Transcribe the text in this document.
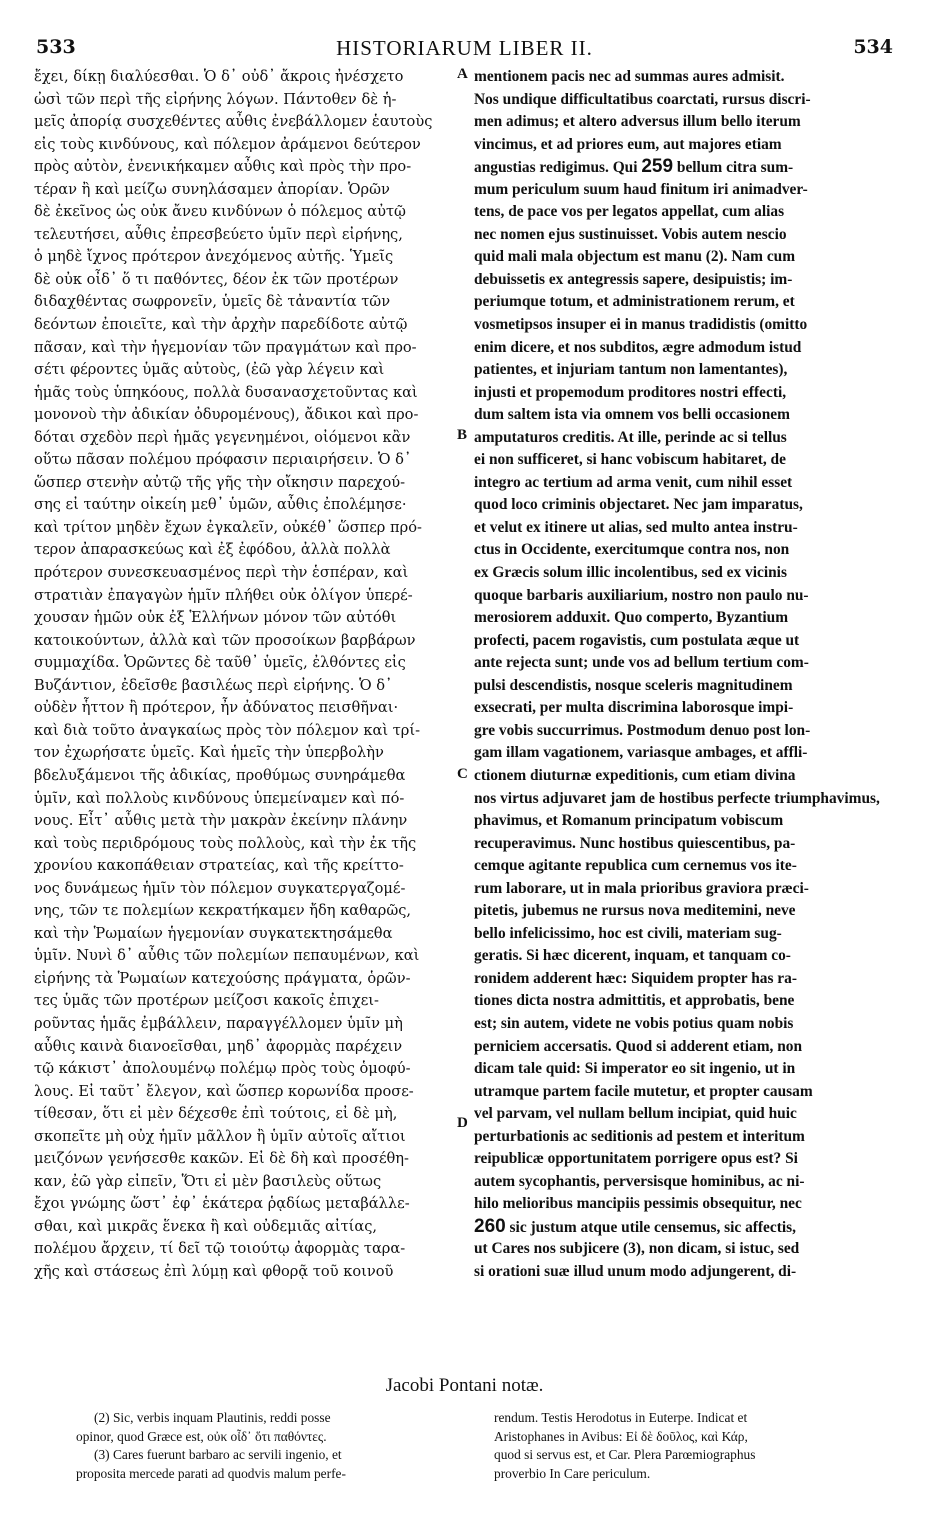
533	HISTORIARUM LIBER II.	534
ἔχει, δίκῃ διαλύεσθαι. Ὁ δ᾽ οὐδ᾽ ἄκροις ἠνέσχετο
ὠσὶ τῶν περὶ τῆς εἰρήνης λόγων. Πάντοθεν δὲ ἡ-
μεῖς ἀπορίᾳ συσχεθέντες αὖθις ἐνεβάλλομεν ἑαυτοὺς
εἰς τοὺς κινδύνους, καὶ πόλεμον ἀράμενοι δεύτερον
πρὸς αὐτὸν, ἐνενικήκαμεν αὖθις καὶ πρὸς τὴν προ-
τέραν ἢ καὶ μείζω συνηλάσαμεν ἀπορίαν. Ὁρῶν
δὲ ἐκεῖνος ὡς οὐκ ἄνευ κινδύνων ὁ πόλεμος αὐτῷ
τελευτήσει, αὖθις ἐπρεσβεύετο ὑμῖν περὶ εἰρήνης,
ὁ μηδὲ ἴχνος πρότερον ἀνεχόμενος αὐτῆς. Ὑμεῖς
δὲ οὐκ οἶδ᾽ ὅ τι παθόντες, δέον ἐκ τῶν προτέρων
διδαχθέντας σωφρονεῖν, ὑμεῖς δὲ τἀναντία τῶν
δεόντων ἐποιεῖτε, καὶ τὴν ἀρχὴν παρεδίδοτε αὐτῷ
πᾶσαν, καὶ τὴν ἡγεμονίαν τῶν πραγμάτων καὶ προ-
σέτι φέροντες ὑμᾶς αὐτοὺς, (ἐῶ γὰρ λέγειν καὶ
ἡμᾶς τοὺς ὑπηκόους, πολλὰ δυσανασχετοῦντας καὶ
μονονοὺ τὴν ἀδικίαν ὀδυρομένους), ἄδικοι καὶ προ-
δόται σχεδὸν περὶ ἡμᾶς γεγενημένοι, οἰόμενοι κἂν
οὕτω πᾶσαν πολέμου πρόφασιν περιαιρήσειν. Ὁ δ᾽
ὥσπερ στενὴν αὐτῷ τῆς γῆς τὴν οἴκησιν παρεχού-
σης εἰ ταύτην οἰκείη μεθ᾽ ὑμῶν, αὖθις ἐπολέμησε·
καὶ τρίτον μηδὲν ἔχων ἐγκαλεῖν, οὐκέθ᾽ ὥσπερ πρό-
τερον ἀπαρασκεύως καὶ ἐξ ἐφόδου, ἀλλὰ πολλὰ
πρότερον συνεσκευασμένος περὶ τὴν ἑσπέραν, καὶ
στρατιὰν ἐπαγαγὼν ἡμῖν πλήθει οὐκ ὀλίγον ὑπερέ-
χουσαν ἡμῶν οὐκ ἐξ Ἑλλήνων μόνον τῶν αὐτόθι
κατοικούντων, ἀλλὰ καὶ τῶν προσοίκων βαρβάρων
συμμαχίδα. Ὁρῶντες δὲ ταῦθ᾽ ὑμεῖς, ἐλθόντες εἰς
Βυζάντιον, ἐδεῖσθε βασιλέως περὶ εἰρήνης. Ὁ δ᾽
οὐδὲν ἧττον ἢ πρότερον, ἦν ἀδύνατος πεισθῆναι·
καὶ διὰ τοῦτο ἀναγκαίως πρὸς τὸν πόλεμον καὶ τρί-
τον ἐχωρήσατε ὑμεῖς. Καὶ ἡμεῖς τὴν ὑπερβολὴν
βδελυξάμενοι τῆς ἀδικίας, προθύμως συνηράμεθα
ὑμῖν, καὶ πολλοὺς κινδύνους ὑπεμείναμεν καὶ πό-
νους. Εἶτ᾽ αὖθις μετὰ τὴν μακρὰν ἐκείνην πλάνην
καὶ τοὺς περιδρόμους τοὺς πολλοὺς, καὶ τὴν ἐκ τῆς
χρονίου κακοπάθειαν στρατείας, καὶ τῆς κρείττο-
νος δυνάμεως ἡμῖν τὸν πόλεμον συγκατεργαζομέ-
νης, τῶν τε πολεμίων κεκρατήκαμεν ἤδη καθαρῶς,
καὶ τὴν Ῥωμαίων ἡγεμονίαν συγκατεκτησάμεθα
ὑμῖν. Νυνὶ δ᾽ αὖθις τῶν πολεμίων πεπαυμένων, καὶ
εἰρήνης τὰ Ῥωμαίων κατεχούσης πράγματα, ὁρῶν-
τες ὑμᾶς τῶν προτέρων μείζοσι κακοῖς ἐπιχει-
ροῦντας ἡμᾶς ἐμβάλλειν, παραγγέλλομεν ὑμῖν μὴ
αὖθις καινὰ διανοεῖσθαι, μηδ᾽ ἀφορμὰς παρέχειν
τῷ κάκιστ᾽ ἀπολουμένῳ πολέμῳ πρὸς τοὺς ὁμοφύ-
λους. Εἰ ταῦτ᾽ ἔλεγον, καὶ ὥσπερ κορωνίδα προσε-
τίθεσαν, ὅτι εἰ μὲν δέχεσθε ἐπὶ τούτοις, εἰ δὲ μὴ,
σκοπεῖτε μὴ οὐχ ἡμῖν μᾶλλον ἢ ὑμῖν αὐτοῖς αἴτιοι
μειζόνων γενήσεσθε κακῶν. Εἰ δὲ δὴ καὶ προσέθη-
καν, ἐῶ γὰρ εἰπεῖν, Ὅτι εἰ μὲν βασιλεὺς οὕτως
ἔχοι γνώμης ὥστ᾽ ἐφ᾽ ἑκάτερα ῥᾳδίως μεταβάλλε-
σθαι, καὶ μικρᾶς ἕνεκα ἢ καὶ οὐδεμιᾶς αἰτίας,
πολέμου ἄρχειν, τί δεῖ τῷ τοιούτῳ ἀφορμὰς ταρα-
χῆς καὶ στάσεως ἐπὶ λύμῃ καὶ φθορᾷ τοῦ κοινοῦ
mentionem pacis nec ad summas aures admisit.
Nos undique difficultatibus coarctati, rursus discri-
men adimus; et altero adversus illum bello iterum
vincimus, et ad priores eum, aut majores etiam
angustias redigimus. Qui 259 bellum citra sum-
mum periculum suum haud finitum iri animadver-
tens, de pace vos per legatos appellat, cum alias
nec nomen ejus sustinuisset. Vobis autem nescio
quid mali mala objectum est manu (2). Nam cum
debuissetis ex antegressis sapere, desipuistis; im-
periumque totum, et administrationem rerum, et
vosmetipsos insuper ei in manus tradidistis (omitto
enim dicere, et nos subditos, ægre admodum istud
patientes, et injuriam tantum non lamentantes),
injusti et propemodum proditores nostri effecti,
dum saltem ista via omnem vos belli occasionem
amputaturos creditis. At ille, perinde ac si tellus
ei non sufficeret, si hanc vobiscum habitaret, de
integro ac tertium ad arma venit, cum nihil esset
quod loco criminis objectaret. Nec jam imparatus,
et velut ex itinere ut alias, sed multo antea instru-
ctus in Occidente, exercitumque contra nos, non
ex Græcis solum illic incolentibus, sed ex vicinis
quoque barbaris auxiliarium, nostro non paulo nu-
merosiorem adduxit. Quo comperto, Byzantium
profecti, pacem rogavistis, cum postulata æque ut
ante rejecta sunt; unde vos ad bellum tertium com-
pulsi descendistis, nosque sceleris magnitudinem
exsecrati, per multa discrimina laborosque impi-
gre vobis succurrimus. Postmodum denuo post lon-
gam illam vagationem, variasque ambages, et affli-
ctionem diuturnæ expeditionis, cum etiam divina
nos virtus adjuvaret jam de hostibus perfecte triumphavimus,
phavimus, et Romanum principatum vobiscum
recuperavimus. Nunc hostibus quiescentibus, pa-
cemque agitante republica cum cernemus vos ite-
rum laborare, ut in mala prioribus graviora præci-
pitetis, jubemus ne rursus nova meditemini, neve
bello infelicissimo, hoc est civili, materiam sug-
geratis. Si hæc dicerent, inquam, et tanquam co-
ronidem adderent hæc: Siquidem propter has ra-
tiones dicta nostra admittitis, et approbatis, bene
est; sin autem, videte ne vobis potius quam nobis
perniciem accersatis. Quod si adderent etiam, non
dicam tale quid: Si imperator eo sit ingenio, ut in
utramque partem facile mutetur, et propter causam
vel parvam, vel nullam bellum incipiat, quid huic
perturbationis ac seditionis ad pestem et interitum
reipublicæ opportunitatem porrigere opus est? Si
autem sycophantis, perversisque hominibus, ac ni-
hilo melioribus mancipiis pessimis obsequitur, nec
260 sic justum atque utile censemus, sic affectis,
ut Cares nos subjicere (3), non dicam, si istuc, sed
si orationi suæ illud unum modo adjungerent, di-
A
B
C
D
Jacobi Pontani notæ.
(2) Sic, verbis inquam Plautinis, reddi posse
opinor, quod Græce est, οὐκ οἶδ᾽ ὅτι παθόντες.
(3) Cares fuerunt barbaro ac servili ingenio, et
proposita mercede parati ad quodvis malum perfe-
rendum. Testis Herodotus in Euterpe. Indicat et
Aristophanes in Avibus: Εἰ δὲ δοῦλος, καὶ Κάρ,
quod si servus est, et Car. Plera Parœmiographus
proverbio In Care periculum.
